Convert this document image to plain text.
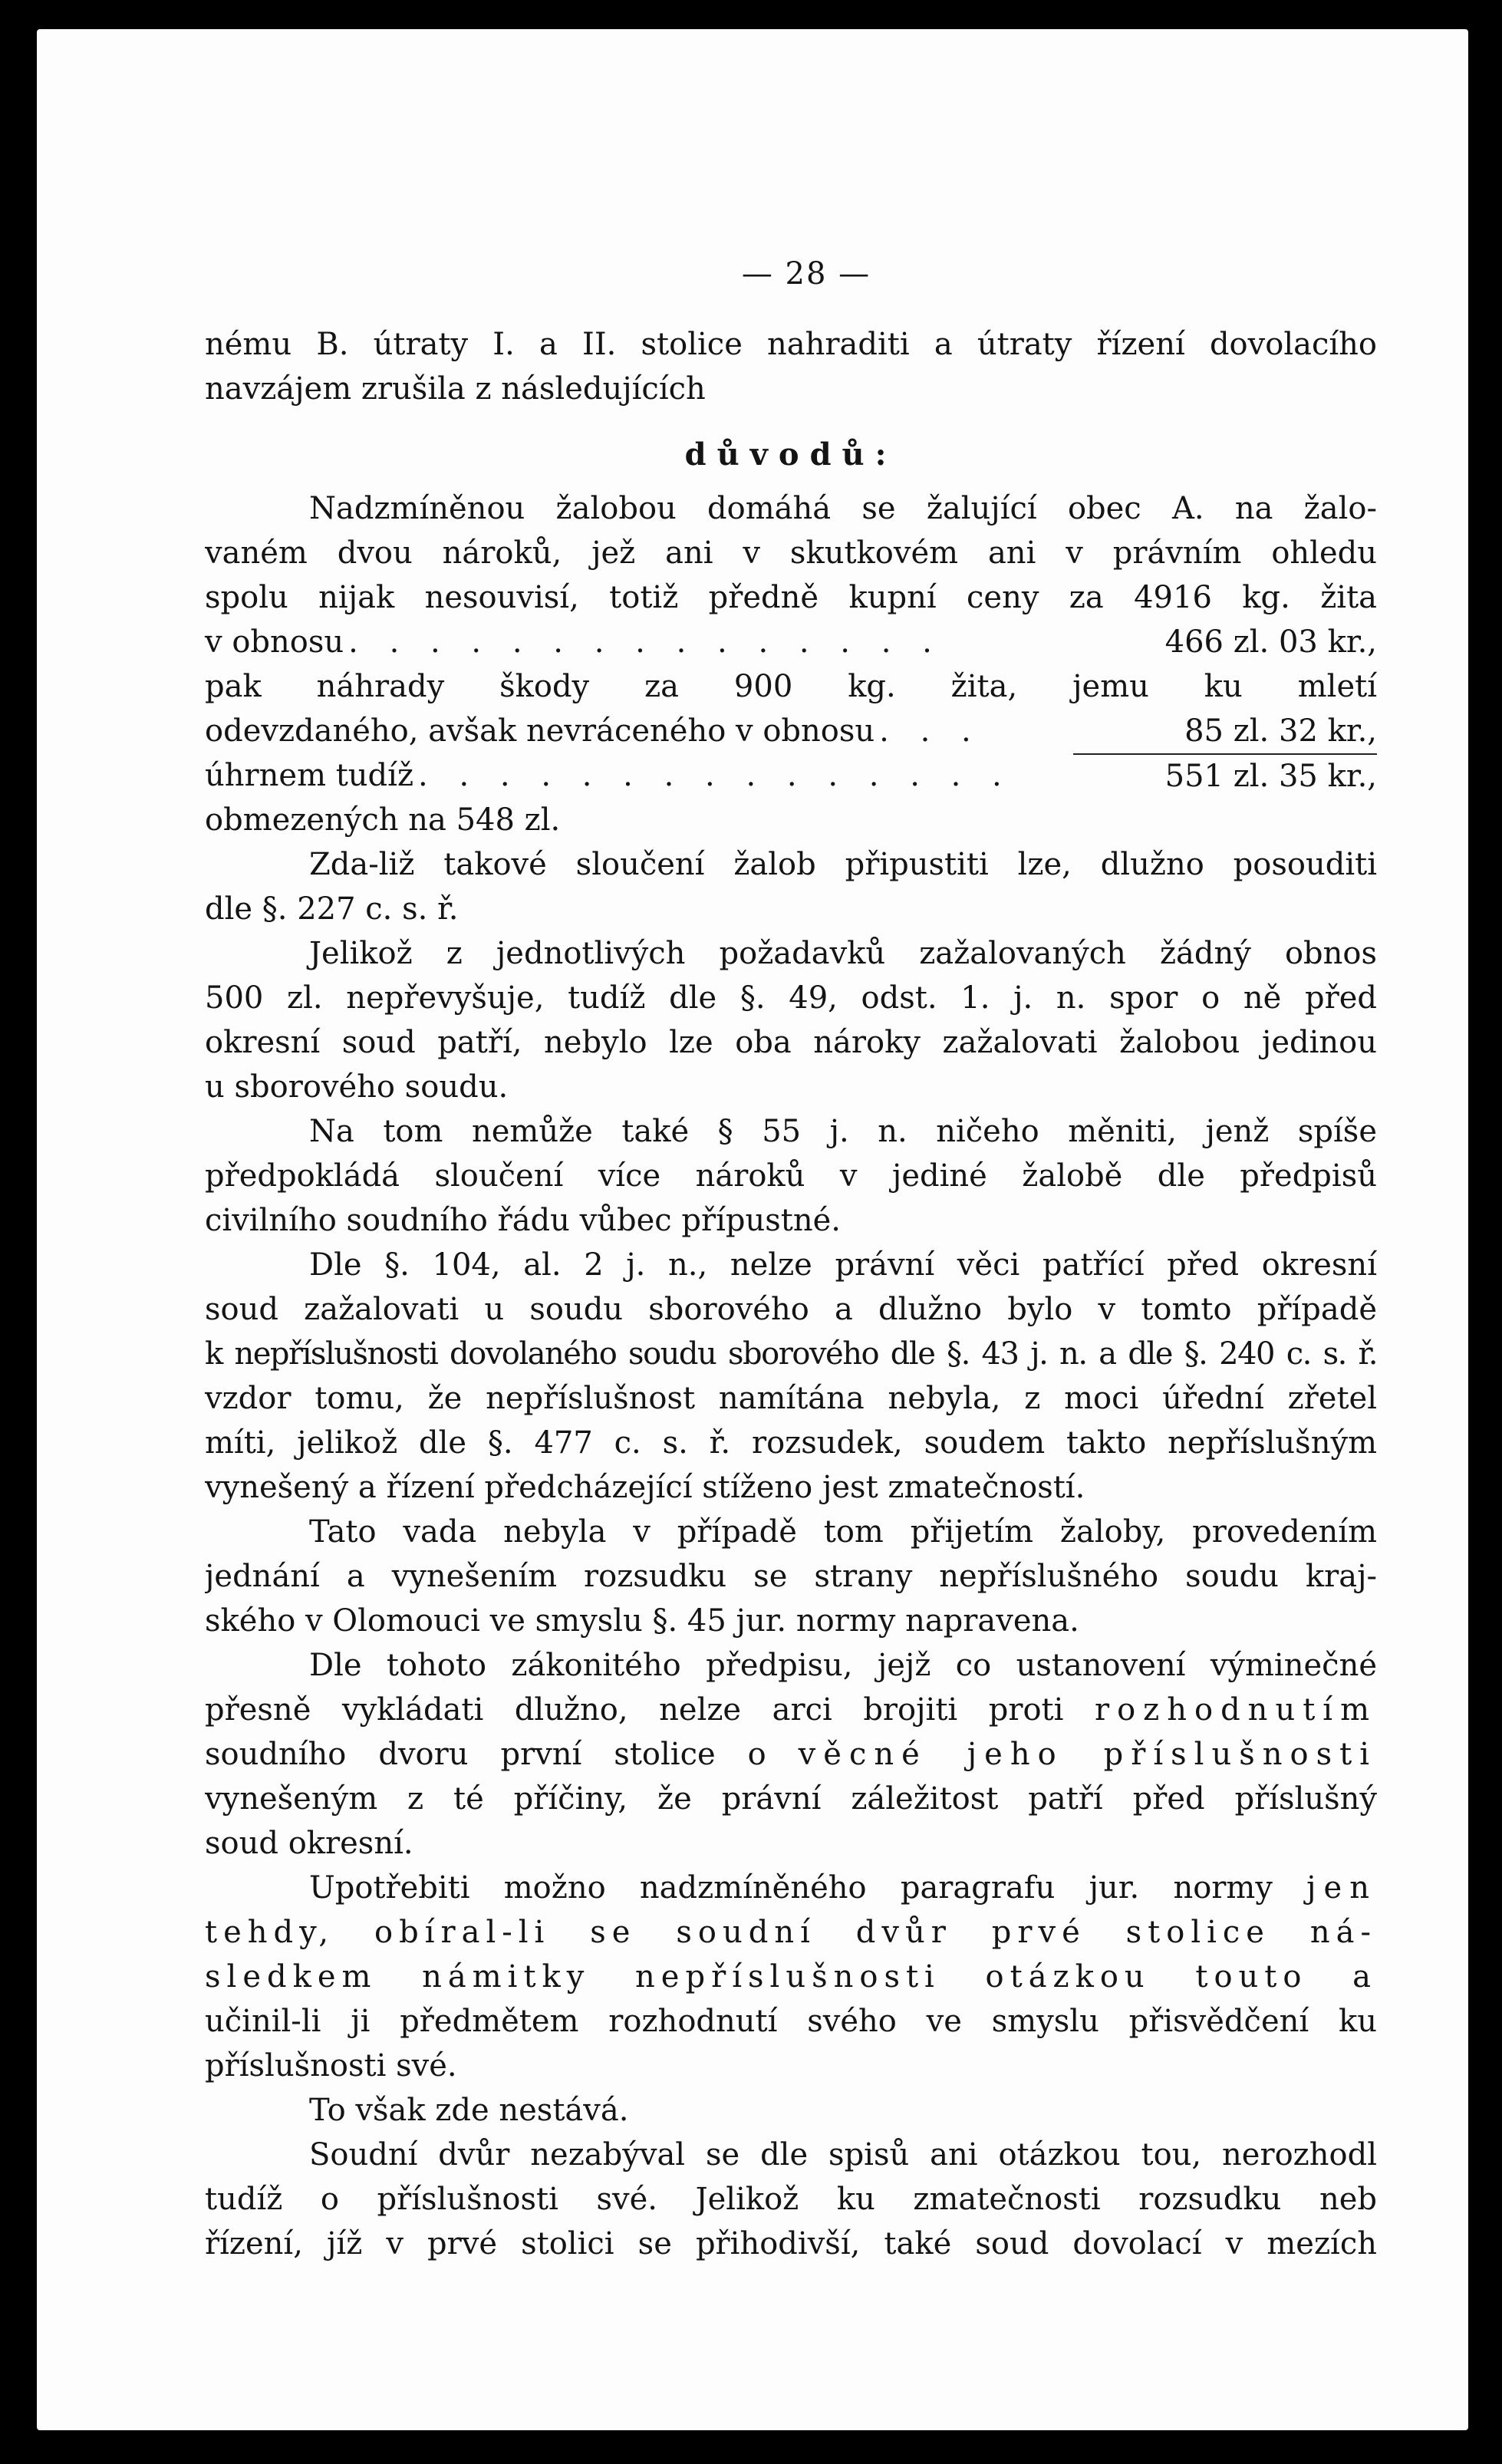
— 28 —
nému B. útraty I. a II. stolice nahraditi a útraty řízení dovolacího
navzájem zrušila z následujících
důvodů:
Nadzmíněnou žalobou domáhá se žalující obec A. na žalo-
vaném dvou nároků, jež ani v skutkovém ani v právním ohledu
spolu nijak nesouvisí, totiž předně kupní ceny za 4916 kg. žita
v obnosu . . . . . . . . . . . . . . .	466 zl. 03 kr.,
pak náhrady škody za 900 kg. žita, jemu ku mletí
odevzdaného, avšak nevráceného v obnosu . . .	85 zl. 32 kr.,
úhrnem tudíž . . . . . . . . . . . . . . .	551 zl. 35 kr.,
obmezených na 548 zl.
Zda-liž takové sloučení žalob připustiti lze, dlužno posouditi
dle §. 227 c. s. ř.
Jelikož z jednotlivých požadavků zažalovaných žádný obnos
500 zl. nepřevyšuje, tudíž dle §. 49, odst. 1. j. n. spor o ně před
okresní soud patří, nebylo lze oba nároky zažalovati žalobou jedinou
u sborového soudu.
Na tom nemůže také § 55 j. n. ničeho měniti, jenž spíše
předpokládá sloučení více nároků v jediné žalobě dle předpisů
civilního soudního řádu vůbec přípustné.
Dle §. 104, al. 2 j. n., nelze právní věci patřící před okresní
soud zažalovati u soudu sborového a dlužno bylo v tomto případě
k nepříslušnosti dovolaného soudu sborového dle §. 43 j. n. a dle §. 240 c. s. ř.
vzdor tomu, že nepříslušnost namítána nebyla, z moci úřední zřetel
míti, jelikož dle §. 477 c. s. ř. rozsudek, soudem takto nepříslušným
vynešený a řízení předcházející stíženo jest zmatečností.
Tato vada nebyla v případě tom přijetím žaloby, provedením
jednání a vynešením rozsudku se strany nepříslušného soudu kraj-
ského v Olomouci ve smyslu §. 45 jur. normy napravena.
Dle tohoto zákonitého předpisu, jejž co ustanovení výminečné
přesně vykládati dlužno, nelze arci brojiti proti rozhodnutím
soudního dvoru první stolice o věcné jeho příslušnosti
vynešeným z té příčiny, že právní záležitost patří před příslušný
soud okresní.
Upotřebiti možno nadzmíněného paragrafu jur. normy jen
tehdy, obíral-li se soudní dvůr prvé stolice ná-
sledkem námitky nepříslušnosti otázkou touto a
učinil-li ji předmětem rozhodnutí svého ve smyslu přisvědčení ku
příslušnosti své.
To však zde nestává.
Soudní dvůr nezabýval se dle spisů ani otázkou tou, nerozhodl
tudíž o příslušnosti své. Jelikož ku zmatečnosti rozsudku neb
řízení, jíž v prvé stolici se přihodivší, také soud dovolací v mezích
